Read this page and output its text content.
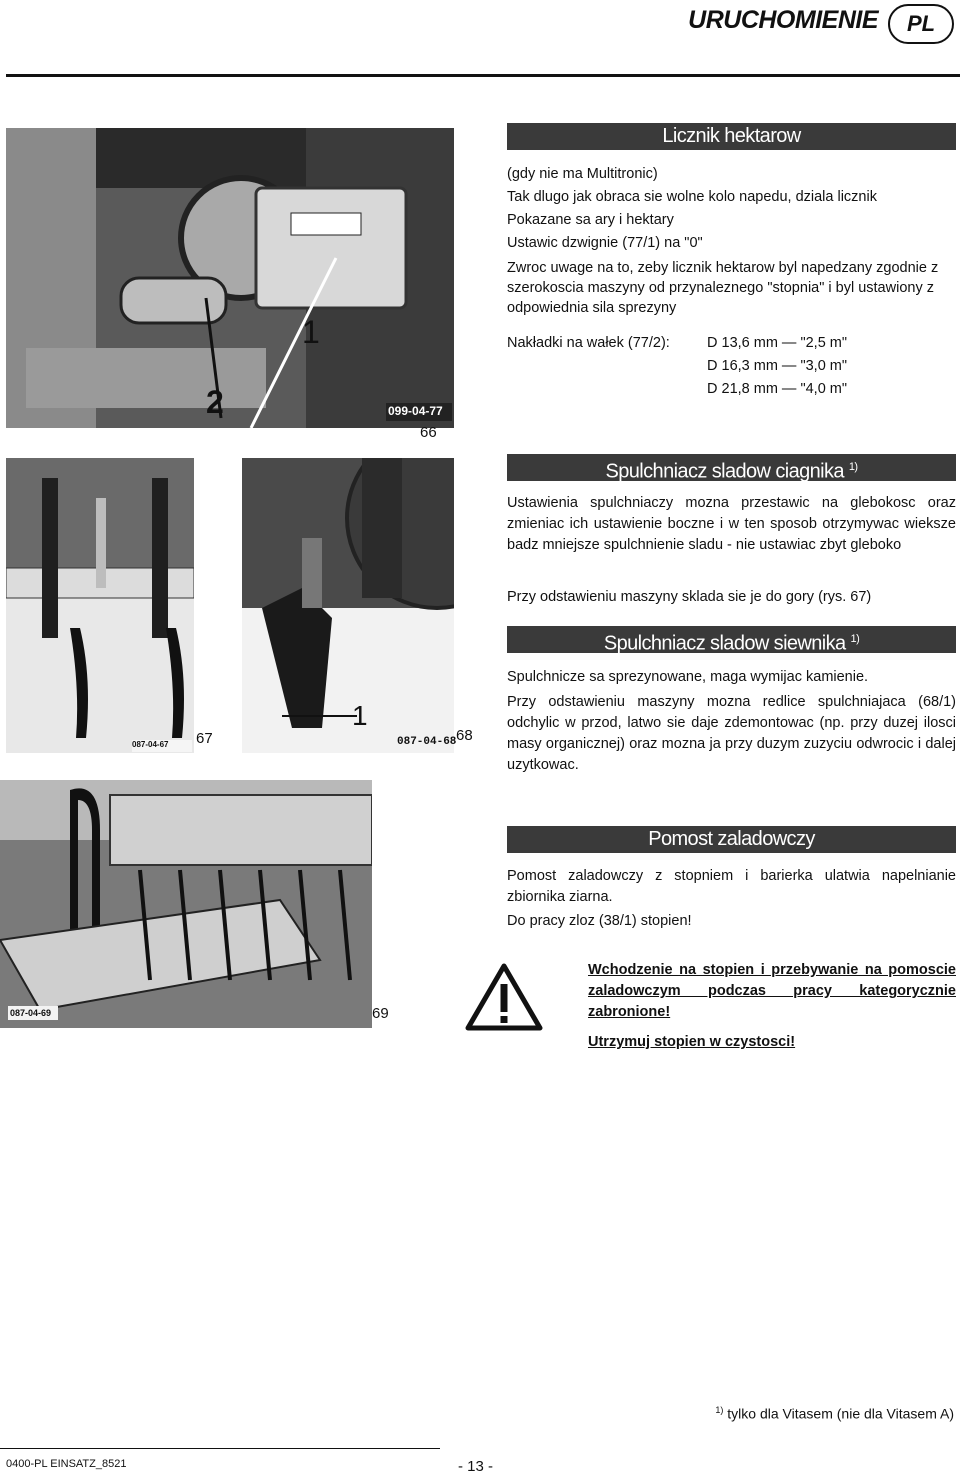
URUCHOMIENIE	PL
1
2	099-04-77
66
Licznik hektarow
(gdy nie ma Multitronic)
Tak dlugo jak obraca sie wolne kolo napedu, dziala licznik
Pokazane sa ary i hektary
Ustawic dzwignie (77/1) na "0"
Zwroc uwage na to, zeby licznik hektarow byl napedzany zgodnie z
szerokoscia maszyny od przynaleznego "stopnia" i byl ustawiony z
odpowiednia sila sprezyny
Nakładki na wałek (77/2):	D 13,6 mm — "2,5 m"
D 16,3 mm — "3,0 m"
D 21,8 mm — "4,0 m"
Spulchniacz sladow ciagnika $^{1)}$
Ustawienia spulchniaczy mozna przestawic na glebokosc oraz zmieniac ich ustawienie boczne i w ten sposob otrzymywac wieksze badz mniejsze spulchnienie sladu - nie ustawiac zbyt gleboko
Przy odstawieniu maszyny sklada sie je do gory (rys. 67)
087-04-67 67
1
087-04-68 68
Spulchniacz sladow siewnika $^{1)}$
Spulchnicze sa sprezynowane, maga wymijac kamienie.
Przy odstawieniu maszyny mozna redlice spulchniajaca (68/1) odchylic w przod, latwo sie daje zdemontowac (np. przy duzej ilosci masy organicznej) oraz mozna ja przy duzym zuzyciu odwrocic i dalej uzytkowac.
087-04-69	69
Pomost zaladowczy
Pomost zaladowczy z stopniem i barierka ulatwia napelnianie zbiornika ziarna.
Do pracy zloz (38/1) stopien!
Wchodzenie na stopien i przebywanie na pomoscie zaladowczym podczas pracy kategorycznie zabronione!
Utrzymuj stopien w czystosci!
$^{1)}$ tylko dla Vitasem (nie dla Vitasem A)
0400-PL EINSATZ_8521	- 13 -
